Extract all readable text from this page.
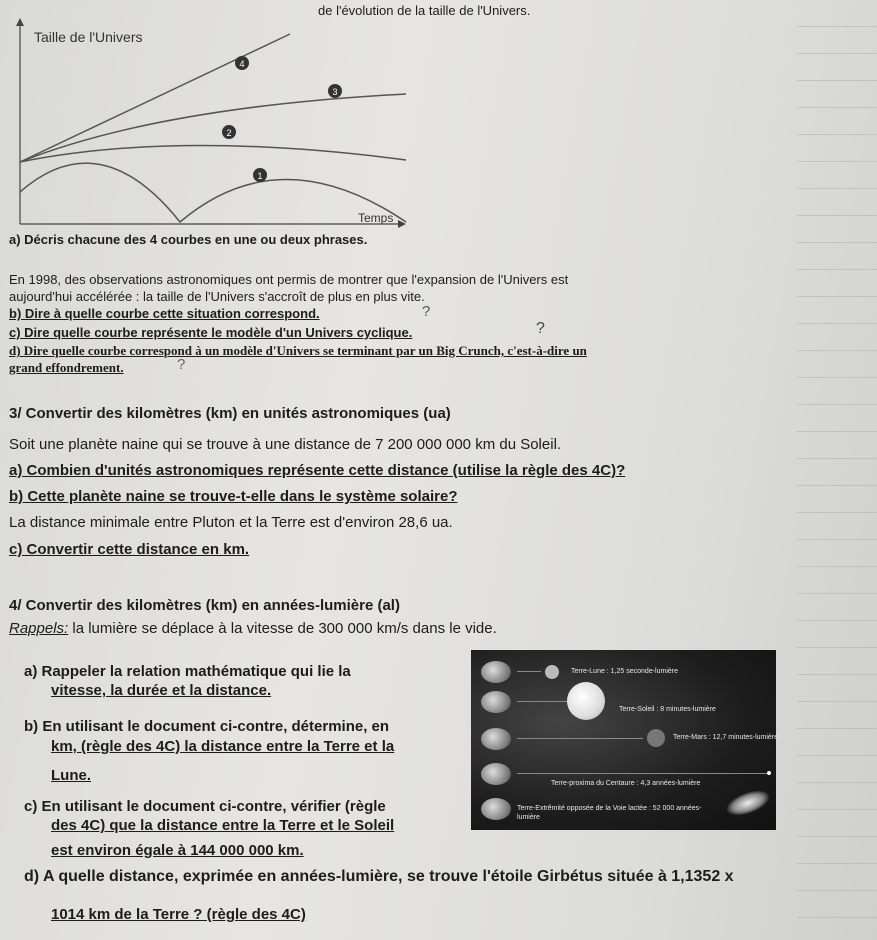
de l'évolution de la taille de l'Univers.
Taille de l'Univers
Temps
4
3
2
1
a) Décris chacune des 4 courbes en une ou deux phrases.
En 1998, des observations astronomiques ont permis de montrer que l'expansion de l'Univers est
aujourd'hui accélérée : la taille de l'Univers s'accroît de plus en plus vite.
b) Dire à quelle courbe cette situation correspond.	?
c) Dire quelle courbe représente le modèle d'un Univers cyclique.	?
d) Dire quelle courbe correspond à un modèle d'Univers se terminant par un Big Crunch, c'est-à-dire un
grand effondrement.	?
3/ Convertir des kilomètres (km) en unités astronomiques (ua)
Soit une planète naine qui se trouve à une distance de 7 200 000 000 km du Soleil.
a) Combien d'unités astronomiques représente cette distance (utilise la règle des 4C)?
b) Cette planète naine se trouve-t-elle dans le système solaire?
La distance minimale entre Pluton et la Terre est d'environ 28,6 ua.
c) Convertir cette distance en km.
4/ Convertir des kilomètres (km) en années-lumière (al)
Rappels: la lumière se déplace à la vitesse de 300 000 km/s dans le vide.
a) Rappeler la relation mathématique qui lie la
vitesse, la durée et la distance.
b) En utilisant le document ci-contre, détermine, en
km, (règle des 4C) la distance entre la Terre et la
Lune.
c) En utilisant le document ci-contre, vérifier (règle
des 4C) que la distance entre la Terre et le Soleil
est environ égale à 144 000 000 km.
d) A quelle distance, exprimée en années-lumière, se trouve l'étoile Girbétus située à 1,1352 x
1014 km de la Terre ? (règle des 4C)
Terre-Lune : 1,25 seconde-lumière
Terre-Soleil : 8 minutes-lumière
Terre-Mars : 12,7 minutes-lumière
Terre-proxima du Centaure : 4,3 années-lumière
Terre-Extrêmité opposée de la Voie lactée : 52 000 années-
lumière
